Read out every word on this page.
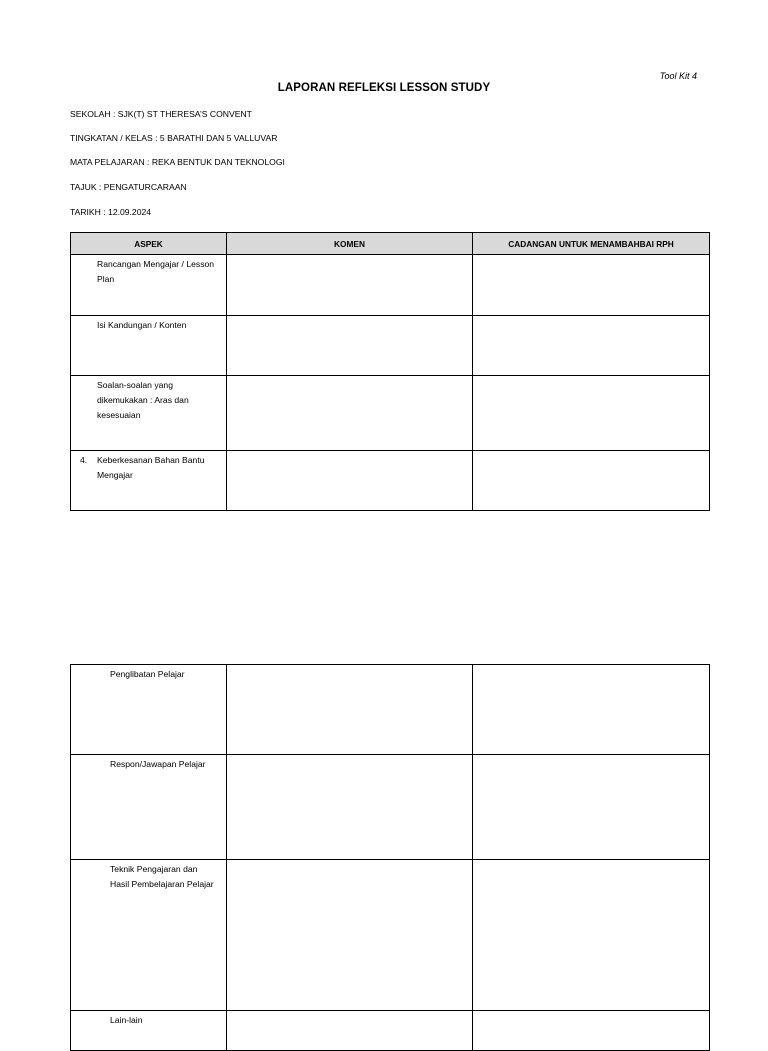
Tool Kit 4
LAPORAN REFLEKSI LESSON STUDY
SEKOLAH : SJK(T) ST THERESA’S CONVENT
TINGKATAN / KELAS : 5 BARATHI DAN 5 VALLUVAR
MATA PELAJARAN : REKA BENTUK DAN TEKNOLOGI
TAJUK : PENGATURCARAAN
TARIKH : 12.09.2024
ASPEK	KOMEN	CADANGAN UNTUK MENAMBAHBAI RPH
Rancangan Mengajar / Lesson Plan		
Isi Kandungan / Konten		
Soalan-soalan yang dikemukakan : Aras dan kesesuaian		
4. Keberkesanan Bahan Bantu Mengajar		
Penglibatan Pelajar		
Respon/Jawapan Pelajar		
Teknik Pengajaran dan Hasil Pembelajaran Pelajar		
Lain-lain		
